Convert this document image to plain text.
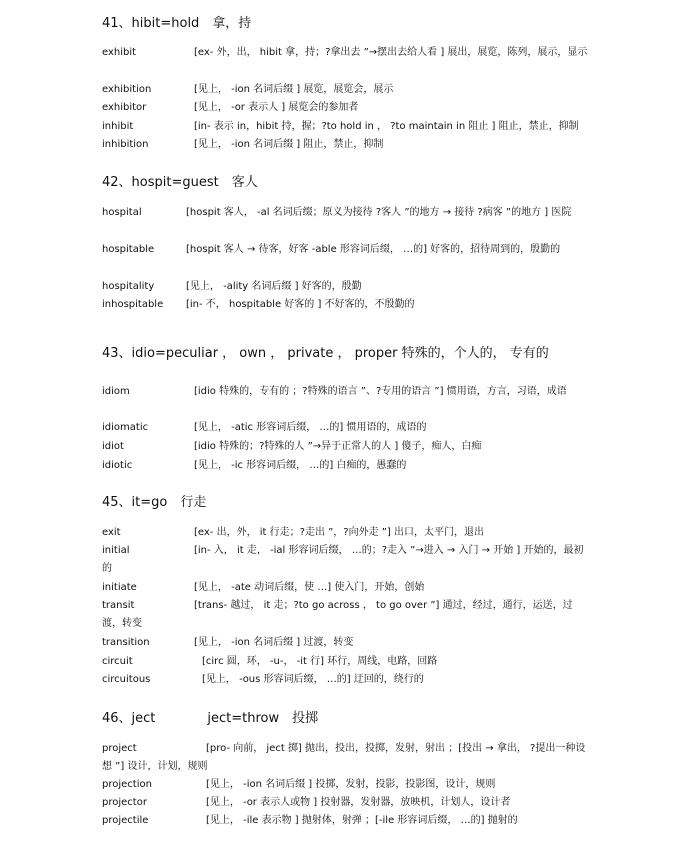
41、hibit=hold　拿，持
exhibit	[ex- 外，出， hibit 拿，持；?拿出去 ”→摆出去给人看 ] 展出，展览，陈列，展示，显示
exhibition	[见上， -ion 名词后缀 ] 展览，展览会，展示
exhibitor	[见上， -or 表示人 ] 展览会的参加者
inhibit	[in- 表示 in，hibit 持，握；?to hold in ， ?to maintain in 阻止 ] 阻止，禁止，抑制
inhibition	[见上， -ion 名词后缀 ] 阻止，禁止，抑制
42、hospit=guest　客人
hospital	[hospit 客人， -al 名词后缀；原义为接待 ?客人 ”的地方 → 接待 ?病客 ”的地方 ] 医院
hospitable	[hospit 客人 → 待客，好客 -able 形容词后缀， …的] 好客的，招待周到的，殷勤的
hospitality	[见上， -ality 名词后缀 ] 好客的，殷勤
inhospitable	[in- 不， hospitable 好客的 ] 不好客的，不殷勤的
43、idio=peculiar ， own ， private ， proper 特殊的，个人的， 专有的
idiom	[idio 特殊的，专有的 ；?特殊的语言 ”、?专用的语言 ”] 惯用语，方言，习语，成语
idiomatic	[见上， -atic 形容词后缀， …的] 惯用语的，成语的
idiot	[idio 特殊的；?特殊的人 ”→异于正常人的人 ] 傻子，痴人，白痴
idiotic	[见上， -ic 形容词后缀， …的] 白痴的，愚蠢的
45、it=go　行走
exit	[ex- 出，外， it 行走；?走出 ”，?向外走 ”] 出口，太平门，退出
initial	[in- 入， it 走， -ial 形容词后缀， …的；?走入 ”→进入 → 入门 → 开始 ] 开始的，最初的
initiate	[见上， -ate 动词后缀，使 …] 使入门，开始，创始
transit	[trans- 越过， it 走；?to go across ， to go over ”] 通过，经过，通行，运送，过渡，转变
transition	[见上， -ion 名词后缀 ] 过渡，转变
circuit	[circ 圆，环， -u-， -it 行] 环行，周线，电路，回路
circuitous	[见上， -ous 形容词后缀， …的] 迂回的，绕行的
46、ject　　　　ject=throw　投掷
project	[pro- 向前， ject 掷] 抛出，投出，投掷，发射，射出 ；[投出 → 拿出， ?提出一种设想 ”] 设计，计划，规则
projection	[见上， -ion 名词后缀 ] 投掷，发射，投影，投影图，设计，规则
projector	[见上， -or 表示人或物 ] 投射器，发射器，放映机，计划人，设计者
projectile	[见上， -ile 表示物 ] 抛射体，射弹 ；[-ile 形容词后缀， …的] 抛射的
